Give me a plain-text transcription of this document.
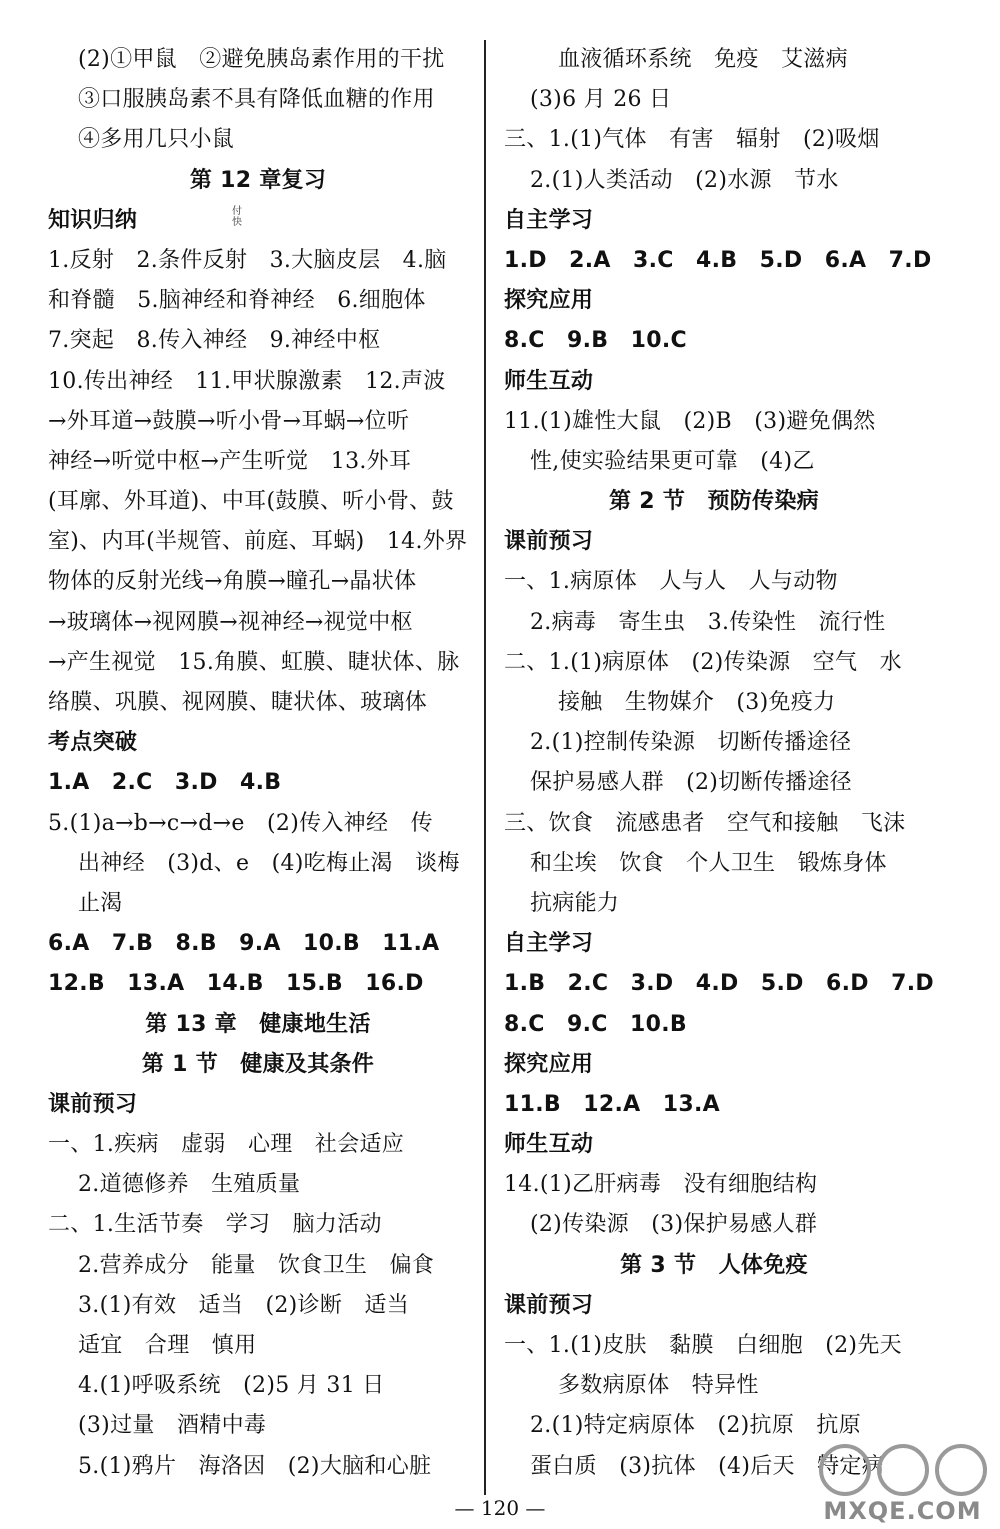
(2)①甲鼠　②避免胰岛素作用的干扰
③口服胰岛素不具有降低血糖的作用
④多用几只小鼠
第 12 章复习
知识归纳
1.反射　2.条件反射　3.大脑皮层　4.脑
和脊髓　5.脑神经和脊神经　6.细胞体
7.突起　8.传入神经　9.神经中枢
10.传出神经　11.甲状腺激素　12.声波
→外耳道→鼓膜→听小骨→耳蜗→位听
神经→听觉中枢→产生听觉　13.外耳
(耳廓、外耳道)、中耳(鼓膜、听小骨、鼓
室)、内耳(半规管、前庭、耳蜗)　14.外界
物体的反射光线→角膜→瞳孔→晶状体
→玻璃体→视网膜→视神经→视觉中枢
→产生视觉　15.角膜、虹膜、睫状体、脉
络膜、巩膜、视网膜、睫状体、玻璃体
考点突破
1.A　2.C　3.D　4.B
5.(1)a→b→c→d→e　(2)传入神经　传
出神经　(3)d、e　(4)吃梅止渴　谈梅
止渴
6.A　7.B　8.B　9.A　10.B　11.A
12.B　13.A　14.B　15.B　16.D
第 13 章　健康地生活
第 1 节　健康及其条件
课前预习
一、1.疾病　虚弱　心理　社会适应
2.道德修养　生殖质量
二、1.生活节奏　学习　脑力活动
2.营养成分　能量　饮食卫生　偏食
3.(1)有效　适当　(2)诊断　适当
适宜　合理　慎用
4.(1)呼吸系统　(2)5 月 31 日
(3)过量　酒精中毒
5.(1)鸦片　海洛因　(2)大脑和心脏
血液循环系统　免疫　艾滋病
(3)6 月 26 日
三、1.(1)气体　有害　辐射　(2)吸烟
2.(1)人类活动　(2)水源　节水
自主学习
1.D　2.A　3.C　4.B　5.D　6.A　7.D
探究应用
8.C　9.B　10.C
师生互动
11.(1)雄性大鼠　(2)B　(3)避免偶然
性,使实验结果更可靠　(4)乙
第 2 节　预防传染病
课前预习
一、1.病原体　人与人　人与动物
2.病毒　寄生虫　3.传染性　流行性
二、1.(1)病原体　(2)传染源　空气　水
接触　生物媒介　(3)免疫力
2.(1)控制传染源　切断传播途径
保护易感人群　(2)切断传播途径
三、饮食　流感患者　空气和接触　飞沫
和尘埃　饮食　个人卫生　锻炼身体
抗病能力
自主学习
1.B　2.C　3.D　4.D　5.D　6.D　7.D
8.C　9.C　10.B
探究应用
11.B　12.A　13.A
师生互动
14.(1)乙肝病毒　没有细胞结构
(2)传染源　(3)保护易感人群
第 3 节　人体免疫
课前预习
一、1.(1)皮肤　黏膜　白细胞　(2)先天
多数病原体　特异性
2.(1)特定病原体　(2)抗原　抗原
蛋白质　(3)抗体　(4)后天　特定病
付快
— 120 —	MXQE.COM
